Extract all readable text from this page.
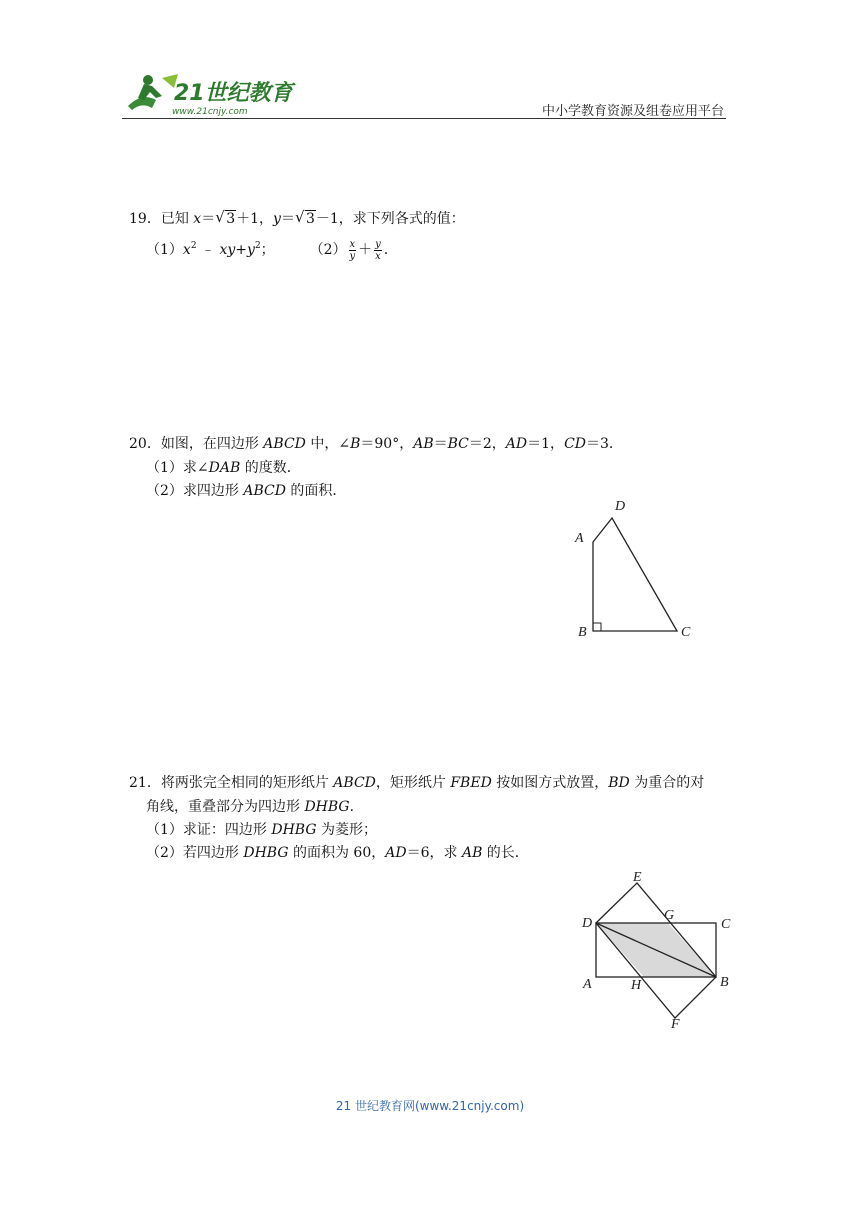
21世纪教育
www.21cnjy.com	中小学教育资源及组卷应用平台
19．已知 x＝ √ 3＋1，y＝ √ 3－1，求下列各式的值：
$(1)x^2$ ﹣ $xy+y^2$； $(2) \frac{x}{y} + \frac{y}{x}$ .
20．如图，在四边形 ABCD 中，∠B＝90°，AB＝BC＝2，AD＝1，CD＝3．
（1）求∠DAB 的度数．
（2）求四边形 ABCD 的面积．
A
D
B	C
21．将两张完全相同的矩形纸片 ABCD，矩形纸片 FBED 按如图方式放置，BD 为重合的对
角线，重叠部分为四边形 DHBG．
（1）求证：四边形 DHBG 为菱形；
（2）若四边形 DHBG 的面积为 60，AD＝6，求 AB 的长．
E
D
G
C
A	H	B
F
21 世纪教育网(www.21cnjy.com)
